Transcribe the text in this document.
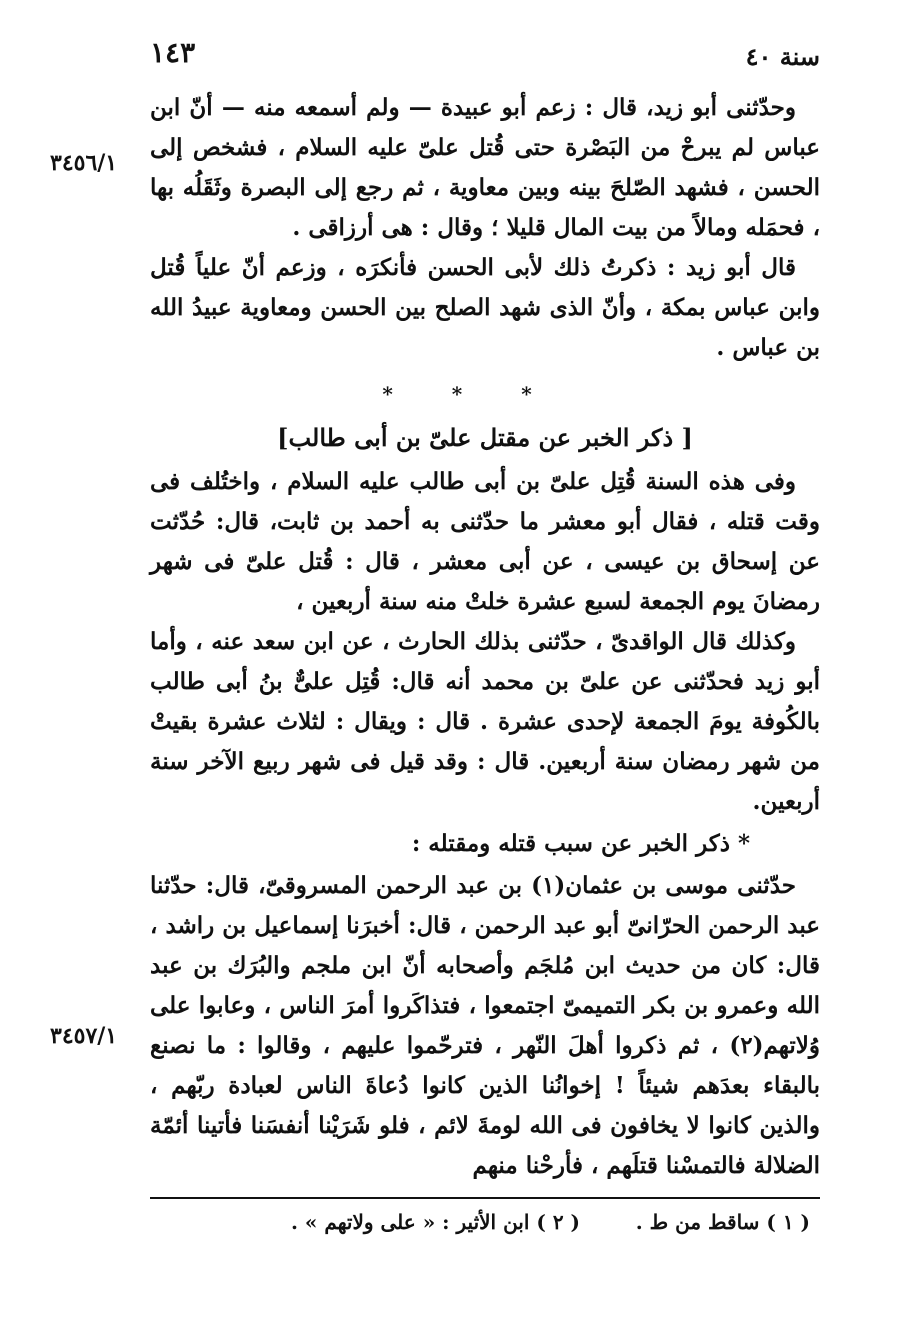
سنة ٤٠
١٤٣
٣٤٥٦/١
٣٤٥٧/١

وحدّثنى أبو زيد، قال : زعم أبو عبيدة — ولم أسمعه منه — أنّ ابن عباس لم يبرحْ من البَصْرة حتى قُتل علىّ عليه السلام ، فشخص إلى الحسن ، فشهد الصّلحَ بينه وبين معاوية ، ثم رجع إلى البصرة وثَقَلُه بها ، فحمَله ومالاً من بيت المال قليلا ؛ وقال : هى أرزاقى .

قال أبو زيد : ذكرتُ ذلك لأبى الحسن فأنكرَه ، وزعم أنّ علياً قُتل وابن عباس بمكة ، وأنّ الذى شهد الصلح بين الحسن ومعاوية عبيدُ الله بن عباس .

* * *
[ ذكر الخبر عن مقتل علىّ بن أبى طالب]

وفى هذه السنة قُتِل علىّ بن أبى طالب عليه السلام ، واختُلف فى وقت قتله ، فقال أبو معشر ما حدّثنى به أحمد بن ثابت، قال: حُدّثت عن إسحاق بن عيسى ، عن أبى معشر ، قال : قُتل علىّ فى شهر رمضانَ يوم الجمعة لسبع عشرة خلتْ منه سنة أربعين ،

وكذلك قال الواقدىّ ، حدّثنى بذلك الحارث ، عن ابن سعد عنه ، وأما أبو زيد فحدّثنى عن علىّ بن محمد أنه قال: قُتِل علىٌّ بنُ أبى طالب بالكُوفة يومَ الجمعة لإحدى عشرة . قال : ويقال : لثلاث عشرة بقيتْ من شهر رمضان سنة أربعين. قال : وقد قيل فى شهر ربيع الآخر سنة أربعين.

* ذكر الخبر عن سبب قتله ومقتله :

حدّثنى موسى بن عثمان(١) بن عبد الرحمن المسروقىّ، قال: حدّثنا عبد الرحمن الحرّانىّ أبو عبد الرحمن ، قال: أخبرَنا إسماعيل بن راشد ، قال: كان من حديث ابن مُلجَم وأصحابه أنّ ابن ملجم والبُرَك بن عبد الله وعمرو بن بكر التميمىّ اجتمعوا ، فتذاكَروا أمرَ الناس ، وعابوا على وُلاتهم(٢) ، ثم ذكروا أهلَ النّهر ، فترحّموا عليهم ، وقالوا : ما نصنع بالبقاء بعدَهم شيئاً ! إخوانُنا الذين كانوا دُعاةَ الناس لعبادة ربّهم ، والذين كانوا لا يخافون فى الله لومةَ لائم ، فلو شَرَيْنا أنفسَنا فأتينا أئمّة الضلالة فالتمسْنا قتلَهم ، فأرحْنا منهم

( ١ ) ساقط من ط .
( ٢ ) ابن الأثير : « على ولاتهم » .
